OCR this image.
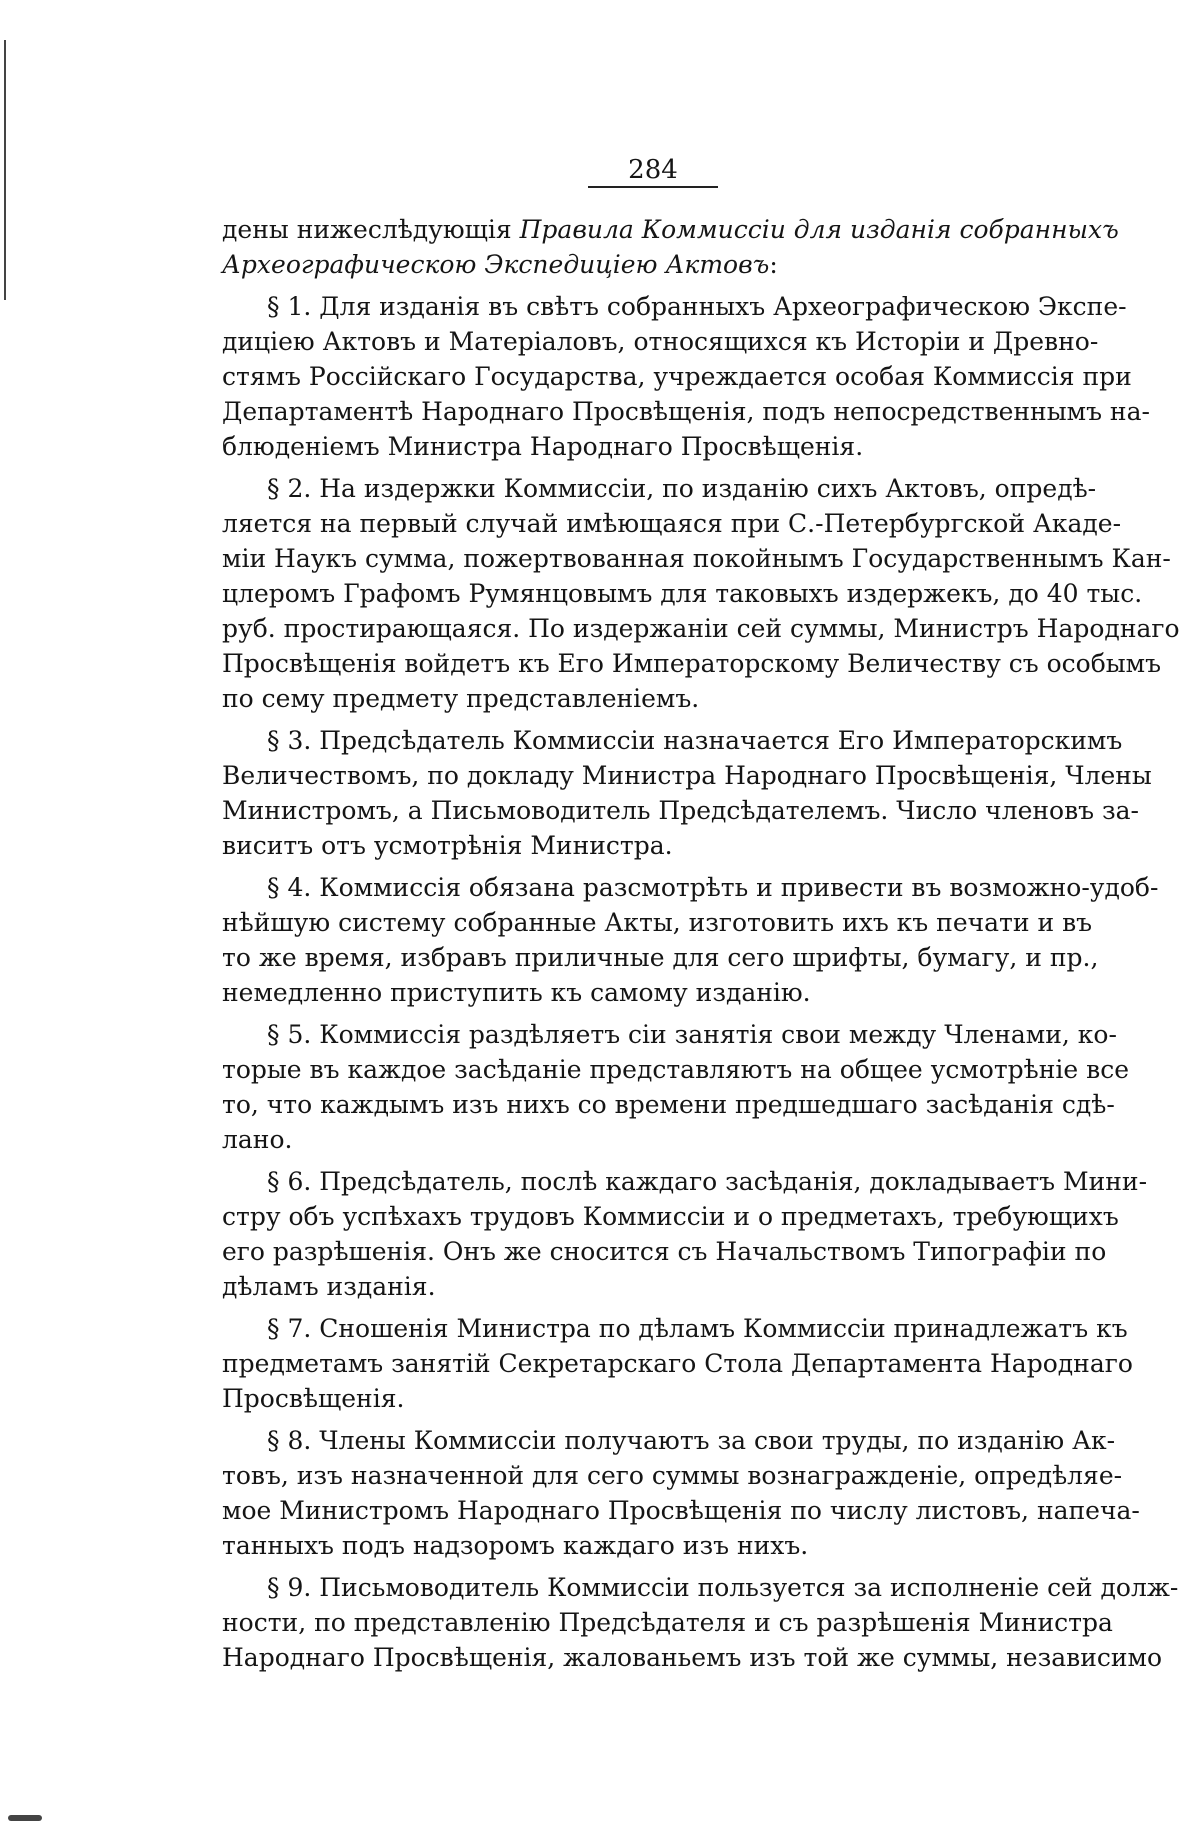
284
дены нижеслѣдующія Правила Коммиссіи для изданія собранныхъ
Археографическою Экспедиціею Актовъ:
§ 1. Для изданія въ свѣтъ собранныхъ Археографическою Экспе-
диціею Актовъ и Матеріаловъ, относящихся къ Исторіи и Древно-
стямъ Россійскаго Государства, учреждается особая Коммиссія при
Департаментѣ Народнаго Просвѣщенія, подъ непосредственнымъ на-
блюденіемъ Министра Народнаго Просвѣщенія.
§ 2. На издержки Коммиссіи, по изданію сихъ Актовъ, опредѣ-
ляется на первый случай имѣющаяся при С.-Петербургской Акаде-
міи Наукъ сумма, пожертвованная покойнымъ Государственнымъ Кан-
цлеромъ Графомъ Румянцовымъ для таковыхъ издержекъ, до 40 тыс.
руб. простирающаяся. По издержаніи сей суммы, Министръ Народнаго
Просвѣщенія войдетъ къ Его Императорскому Величеству съ особымъ
по сему предмету представленіемъ.
§ 3. Предсѣдатель Коммиссіи назначается Его Императорскимъ
Величествомъ, по докладу Министра Народнаго Просвѣщенія, Члены
Министромъ, а Письмоводитель Предсѣдателемъ. Число членовъ за-
виситъ отъ усмотрѣнія Министра.
§ 4. Коммиссія обязана разсмотрѣть и привести въ возможно-удоб-
нѣйшую систему собранные Акты, изготовить ихъ къ печати и въ
то же время, избравъ приличные для сего шрифты, бумагу, и пр.,
немедленно приступить къ самому изданію.
§ 5. Коммиссія раздѣляетъ сіи занятія свои между Членами, ко-
торые въ каждое засѣданіе представляютъ на общее усмотрѣніе все
то, что каждымъ изъ нихъ со времени предшедшаго засѣданія сдѣ-
лано.
§ 6. Предсѣдатель, послѣ каждаго засѣданія, докладываетъ Мини-
стру объ успѣхахъ трудовъ Коммиссіи и о предметахъ, требующихъ
его разрѣшенія. Онъ же сносится съ Начальствомъ Типографіи по
дѣламъ изданія.
§ 7. Сношенія Министра по дѣламъ Коммиссіи принадлежатъ къ
предметамъ занятій Секретарскаго Стола Департамента Народнаго
Просвѣщенія.
§ 8. Члены Коммиссіи получаютъ за свои труды, по изданію Ак-
товъ, изъ назначенной для сего суммы вознагражденіе, опредѣляе-
мое Министромъ Народнаго Просвѣщенія по числу листовъ, напеча-
танныхъ подъ надзоромъ каждаго изъ нихъ.
§ 9. Письмоводитель Коммиссіи пользуется за исполненіе сей долж-
ности, по представленію Предсѣдателя и съ разрѣшенія Министра
Народнаго Просвѣщенія, жалованьемъ изъ той же суммы, независимо
